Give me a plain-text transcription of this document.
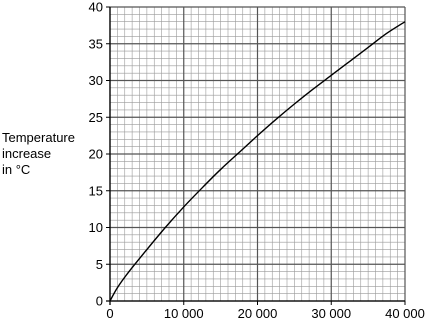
0
5
10
15
20
25
30
35
40
0	10 000	20 000	30 000	40 000
Temperature
increase
in °C
